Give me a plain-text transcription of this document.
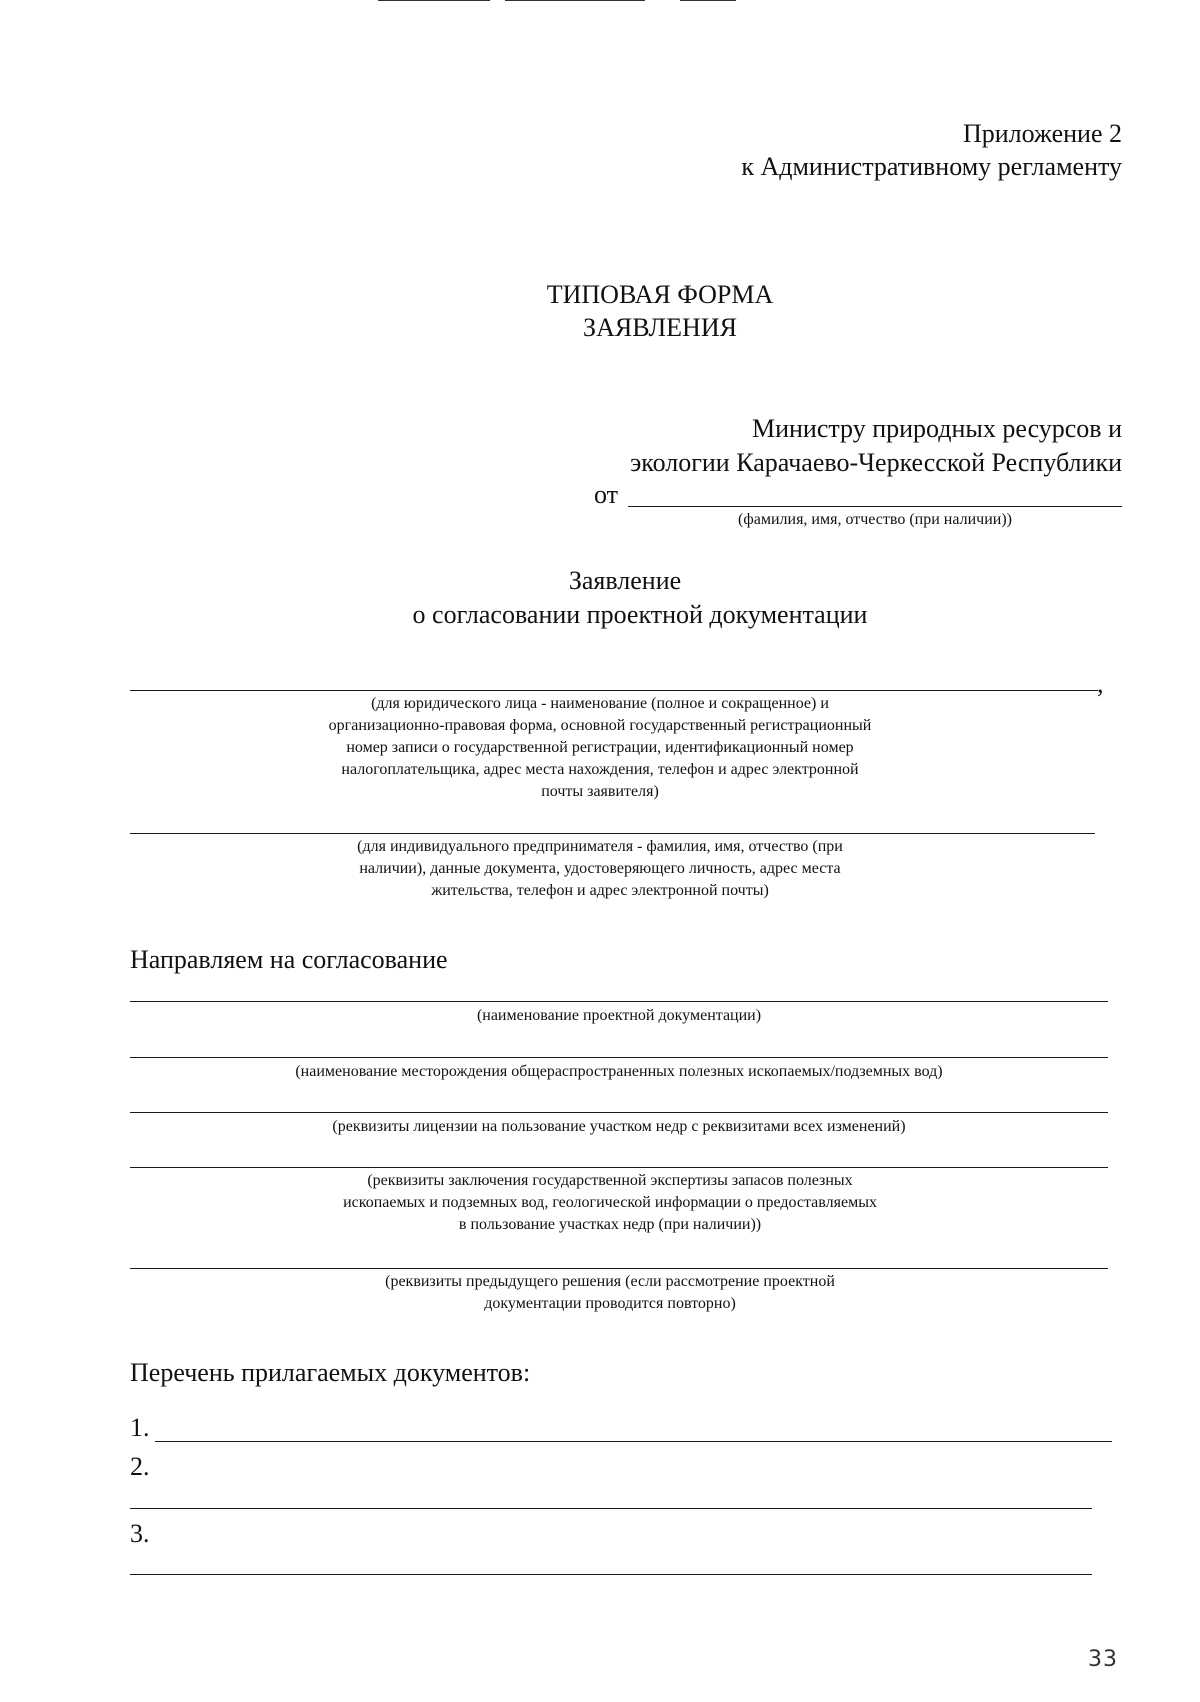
Приложение 2
к Административному регламенту
ТИПОВАЯ ФОРМА
ЗАЯВЛЕНИЯ
Министру природных ресурсов и
экологии Карачаево-Черкесской Республики
от
(фамилия, имя, отчество (при наличии))
Заявление
о согласовании проектной документации
,
(для юридического лица - наименование (полное и сокращенное) и
организационно-правовая форма, основной государственный регистрационный
номер записи о государственной регистрации, идентификационный номер
налогоплательщика, адрес места нахождения, телефон и адрес электронной
почты заявителя)
(для индивидуального предпринимателя - фамилия, имя, отчество (при
наличии), данные документа, удостоверяющего личность, адрес места
жительства, телефон и адрес электронной почты)
Направляем на согласование
(наименование проектной документации)
(наименование месторождения общераспространенных полезных ископаемых/подземных вод)
(реквизиты лицензии на пользование участком недр с реквизитами всех изменений)
(реквизиты заключения государственной экспертизы запасов полезных
ископаемых и подземных вод, геологической информации о предоставляемых
в пользование участках недр (при наличии))
(реквизиты предыдущего решения (если рассмотрение проектной
документации проводится повторно)
Перечень прилагаемых документов:
1.
2.
3.
33
